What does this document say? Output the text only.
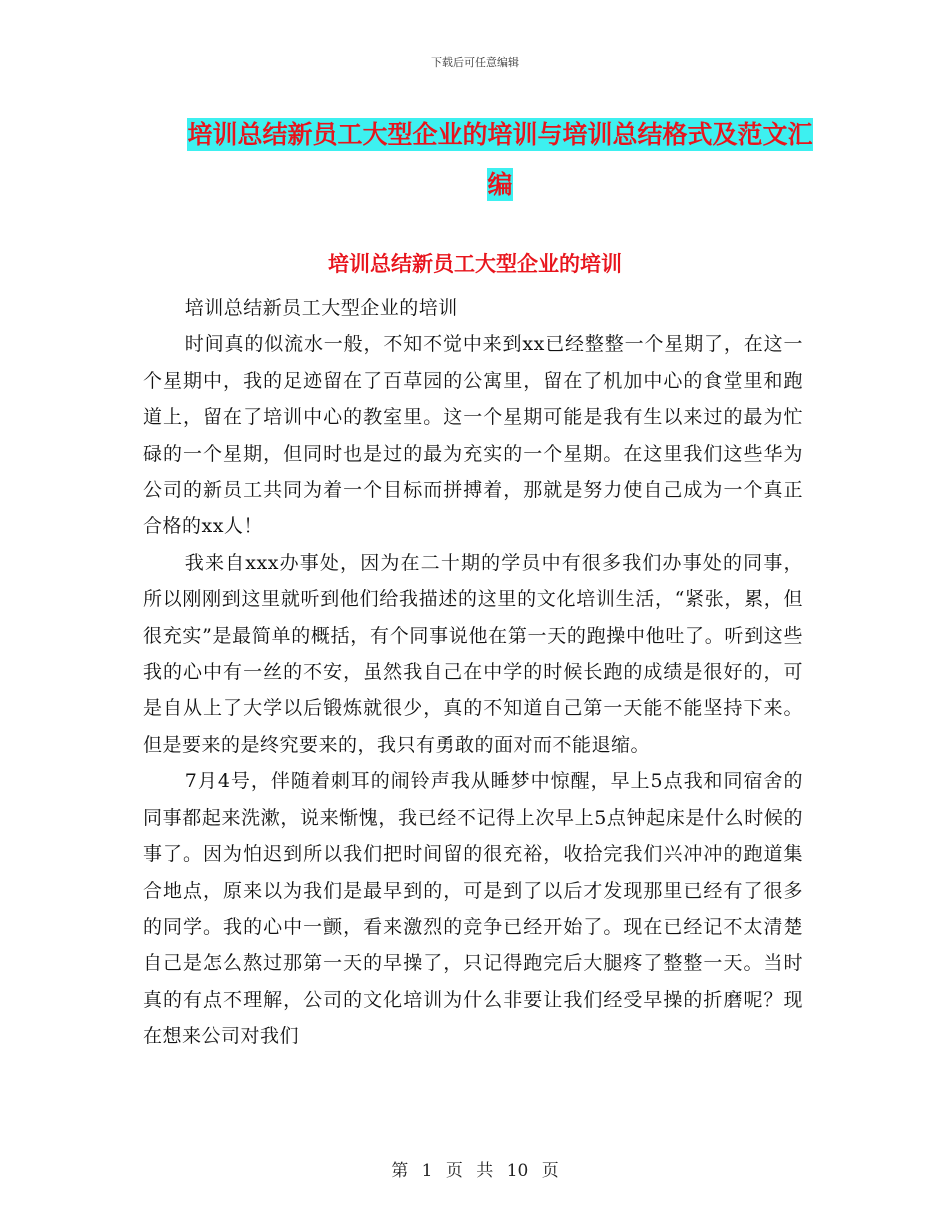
下载后可任意编辑
培训总结新员工大型企业的培训与培训总结格式及范文汇编
培训总结新员工大型企业的培训

培训总结新员工大型企业的培训

时间真的似流水一般，不知不觉中来到xx已经整整一个星期了，在这一个星期中，我的足迹留在了百草园的公寓里，留在了机加中心的食堂里和跑道上，留在了培训中心的教室里。这一个星期可能是我有生以来过的最为忙碌的一个星期，但同时也是过的最为充实的一个星期。在这里我们这些华为公司的新员工共同为着一个目标而拼搏着，那就是努力使自己成为一个真正合格的xx人！

我来自xxx办事处，因为在二十期的学员中有很多我们办事处的同事，所以刚刚到这里就听到他们给我描述的这里的文化培训生活，“紧张，累，但很充实”是最简单的概括，有个同事说他在第一天的跑操中他吐了。听到这些我的心中有一丝的不安，虽然我自己在中学的时候长跑的成绩是很好的，可是自从上了大学以后锻炼就很少，真的不知道自己第一天能不能坚持下来。但是要来的是终究要来的，我只有勇敢的面对而不能退缩。

7月4号，伴随着刺耳的闹铃声我从睡梦中惊醒，早上5点我和同宿舍的同事都起来洗漱，说来惭愧，我已经不记得上次早上5点钟起床是什么时候的事了。因为怕迟到所以我们把时间留的很充裕，收拾完我们兴冲冲的跑道集合地点，原来以为我们是最早到的，可是到了以后才发现那里已经有了很多的同学。我的心中一颤，看来激烈的竞争已经开始了。现在已经记不太清楚自己是怎么熬过那第一天的早操了，只记得跑完后大腿疼了整整一天。当时真的有点不理解，公司的文化培训为什么非要让我们经受早操的折磨呢？现在想来公司对我们

第 1 页 共 10 页
